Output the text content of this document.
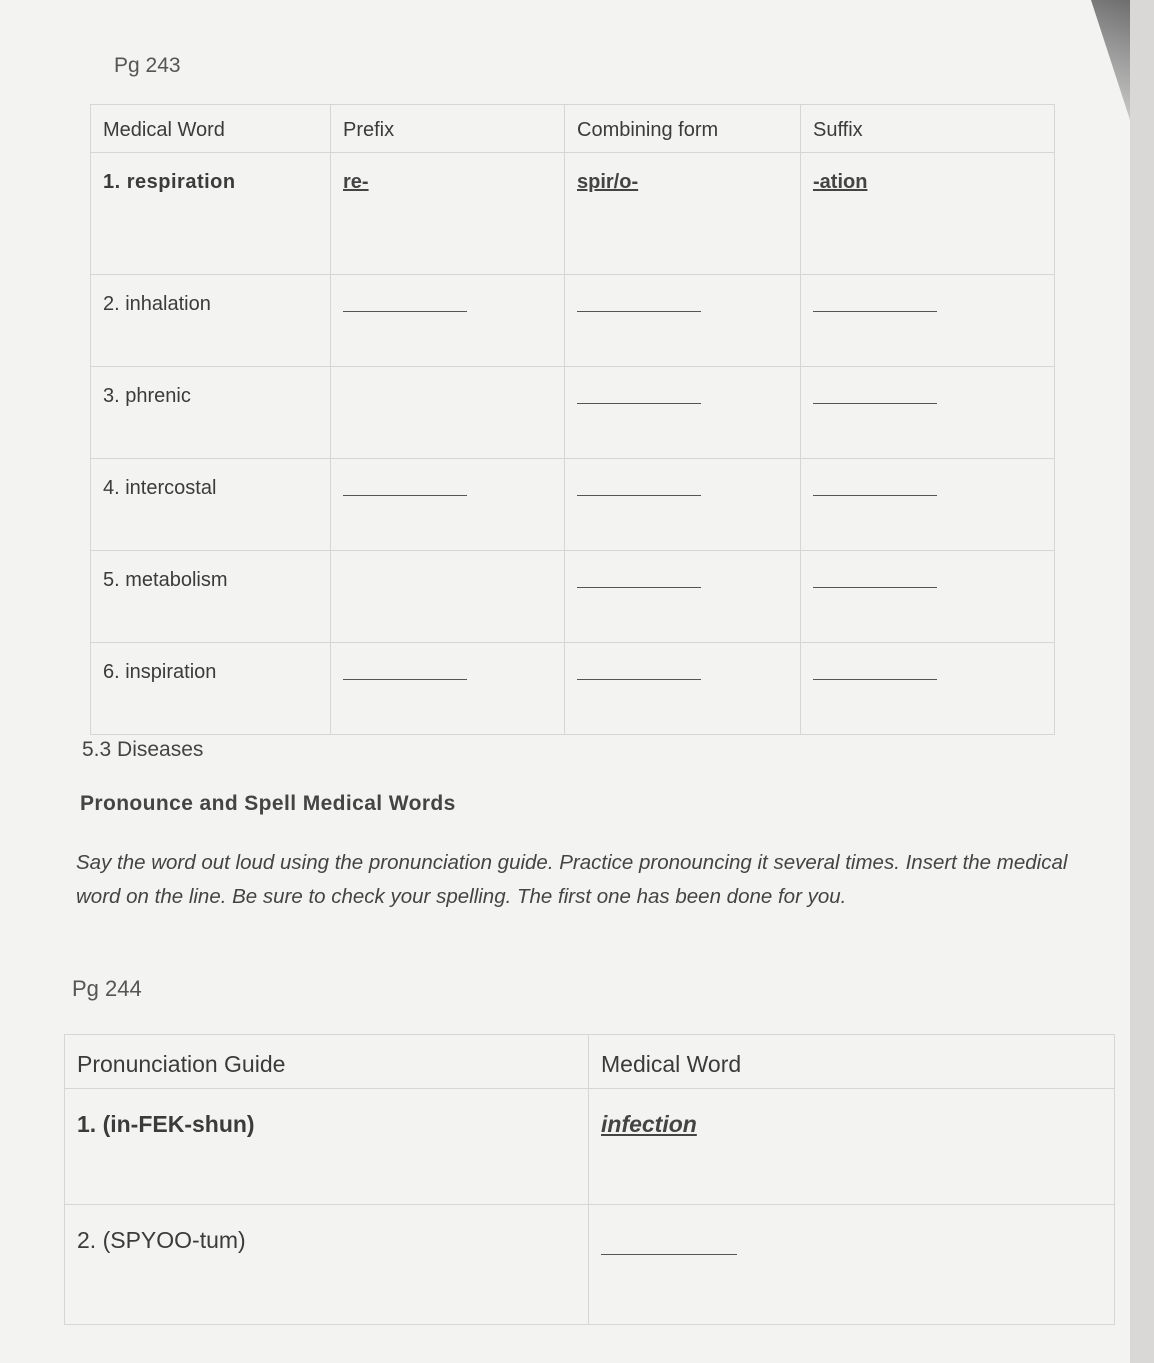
Pg 243
Medical Word	Prefix	Combining form	Suffix

1. respiration	re-	spir/o-	-ation

2. inhalation

3. phrenic

4. intercostal

5. metabolism

6. inspiration

5.3 Diseases
Pronounce and Spell Medical Words
Say the word out loud using the pronunciation guide. Practice pronouncing it several times. Insert the medical word on the line. Be sure to check your spelling. The first one has been done for you.
Pg 244
Pronunciation Guide	Medical Word

1. (in-FEK-shun)	infection

2. (SPYOO-tum)
